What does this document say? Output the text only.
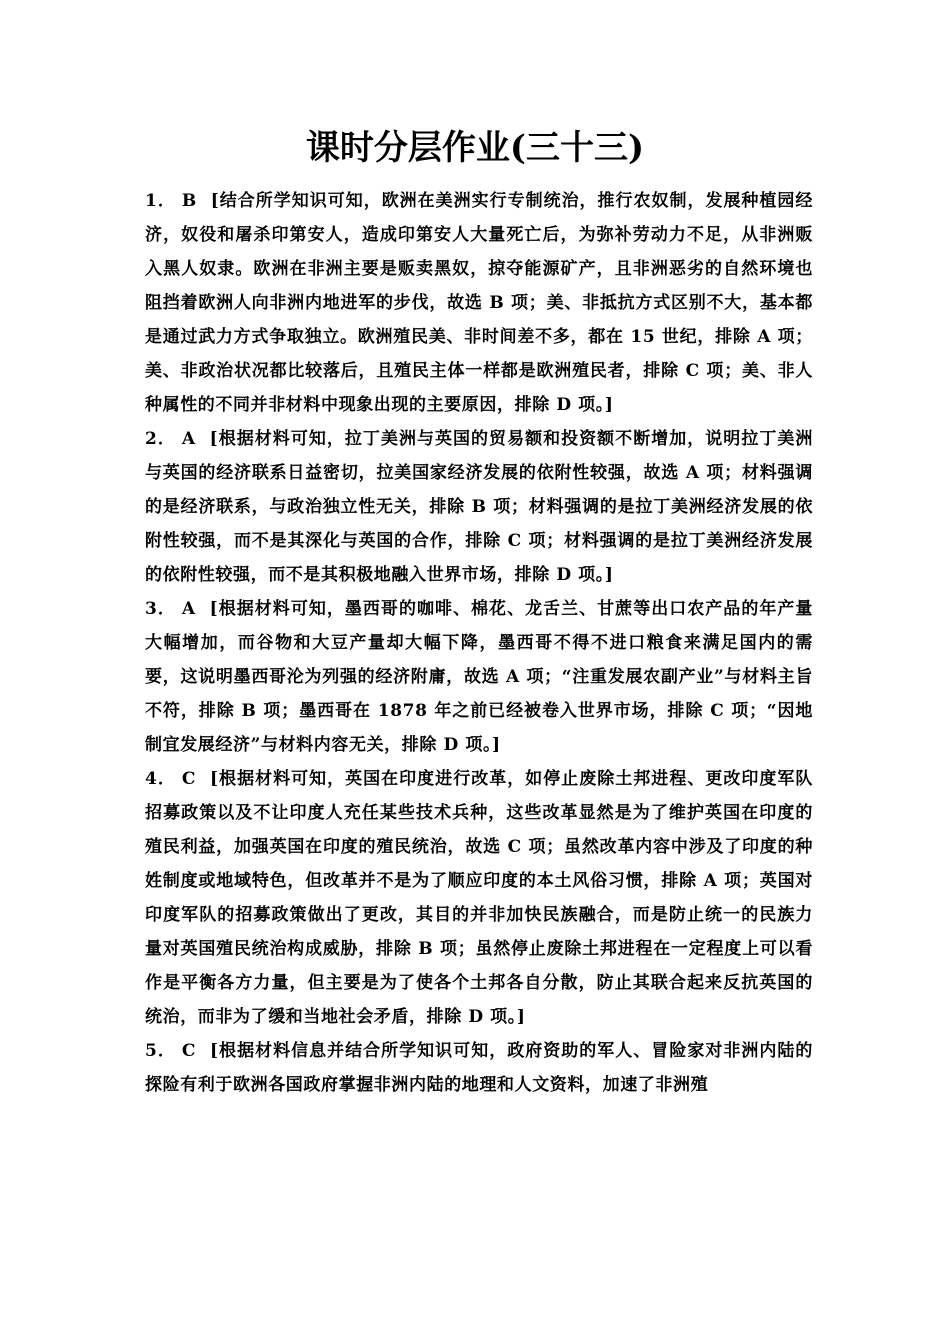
课时分层作业(三十三)

1． B [结合所学知识可知，欧洲在美洲实行专制统治，推行农奴制，发展种植园经济，奴役和屠杀印第安人，造成印第安人大量死亡后，为弥补劳动力不足，从非洲贩入黑人奴隶。欧洲在非洲主要是贩卖黑奴，掠夺能源矿产，且非洲恶劣的自然环境也阻挡着欧洲人向非洲内地进军的步伐，故选 B 项；美、非抵抗方式区别不大，基本都是通过武力方式争取独立。欧洲殖民美、非时间差不多，都在 15 世纪，排除 A 项；美、非政治状况都比较落后，且殖民主体一样都是欧洲殖民者，排除 C 项；美、非人种属性的不同并非材料中现象出现的主要原因，排除 D 项。]

2． A [根据材料可知，拉丁美洲与英国的贸易额和投资额不断增加，说明拉丁美洲与英国的经济联系日益密切，拉美国家经济发展的依附性较强，故选 A 项；材料强调的是经济联系，与政治独立性无关，排除 B 项；材料强调的是拉丁美洲经济发展的依附性较强，而不是其深化与英国的合作，排除 C 项；材料强调的是拉丁美洲经济发展的依附性较强，而不是其积极地融入世界市场，排除 D 项。]

3． A [根据材料可知，墨西哥的咖啡、棉花、龙舌兰、甘蔗等出口农产品的年产量大幅增加，而谷物和大豆产量却大幅下降，墨西哥不得不进口粮食来满足国内的需要，这说明墨西哥沦为列强的经济附庸，故选 A 项；“注重发展农副产业”与材料主旨不符，排除 B 项；墨西哥在 1878 年之前已经被卷入世界市场，排除 C 项；“因地制宜发展经济”与材料内容无关，排除 D 项。]

4． C [根据材料可知，英国在印度进行改革，如停止废除土邦进程、更改印度军队招募政策以及不让印度人充任某些技术兵种，这些改革显然是为了维护英国在印度的殖民利益，加强英国在印度的殖民统治，故选 C 项；虽然改革内容中涉及了印度的种姓制度或地域特色，但改革并不是为了顺应印度的本土风俗习惯，排除 A 项；英国对印度军队的招募政策做出了更改，其目的并非加快民族融合，而是防止统一的民族力量对英国殖民统治构成威胁，排除 B 项；虽然停止废除土邦进程在一定程度上可以看作是平衡各方力量，但主要是为了使各个土邦各自分散，防止其联合起来反抗英国的统治，而非为了缓和当地社会矛盾，排除 D 项。]

5． C [根据材料信息并结合所学知识可知，政府资助的军人、冒险家对非洲内陆的探险有利于欧洲各国政府掌握非洲内陆的地理和人文资料，加速了非洲殖
